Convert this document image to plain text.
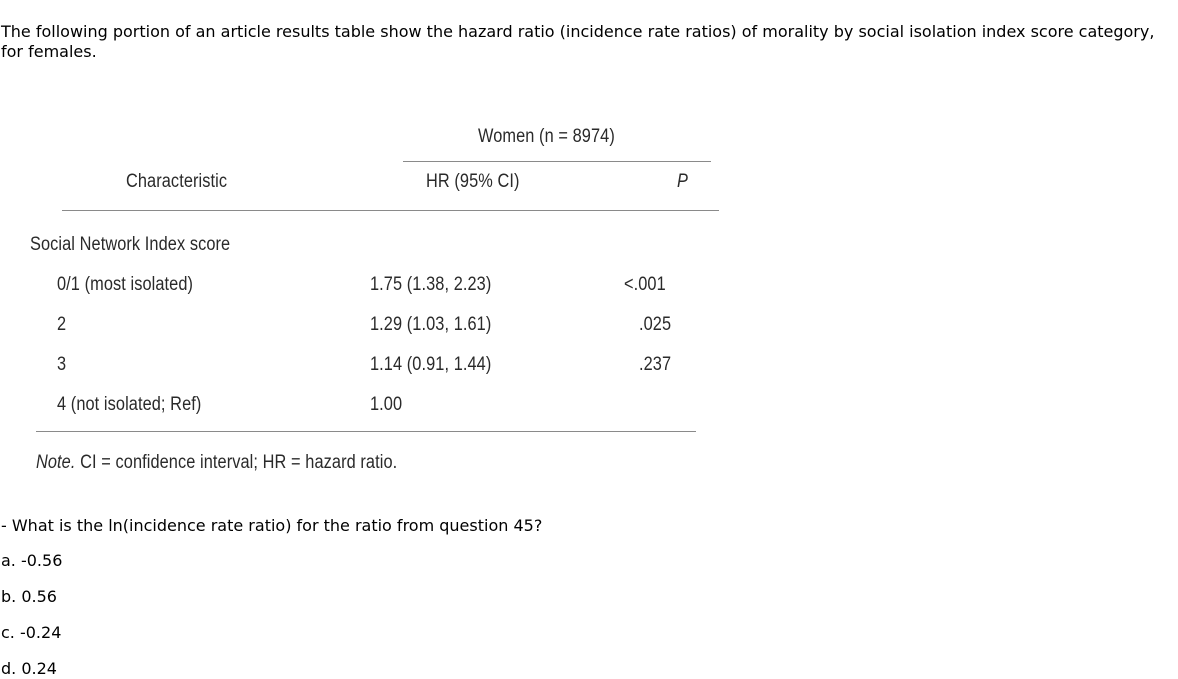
The following portion of an article results table show the hazard ratio (incidence rate ratios) of morality by social isolation index score category, for females.

Women (n = 8974)
Characteristic	HR (95% CI)	P
Social Network Index score
0/1 (most isolated)	1.75 (1.38, 2.23)	<.001
2	1.29 (1.03, 1.61)	.025
3	1.14 (0.91, 1.44)	.237
4 (not isolated; Ref)	1.00
Note. CI = confidence interval; HR = hazard ratio.

- What is the ln(incidence rate ratio) for the ratio from question 45?

a. -0.56
b. 0.56
c. -0.24
d. 0.24
